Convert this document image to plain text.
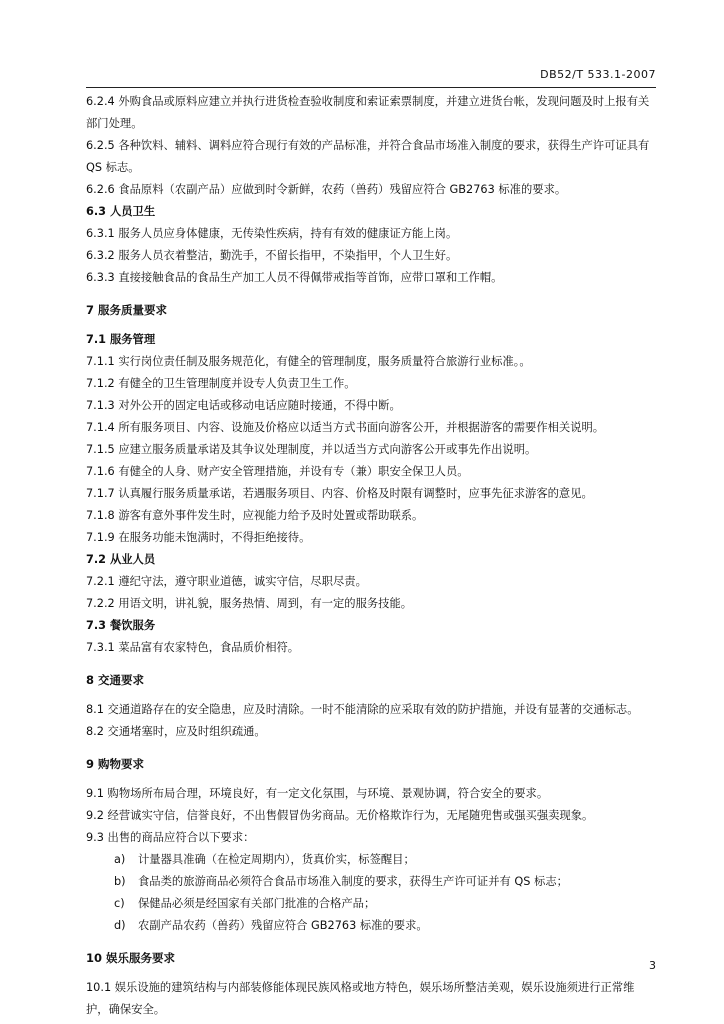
DB52/T 533.1-2007

6.2.4 外购食品或原料应建立并执行进货检查验收制度和索证索票制度，并建立进货台帐，发现问题及时上报有关部门处理。

6.2.5 各种饮料、辅料、调料应符合现行有效的产品标准，并符合食品市场准入制度的要求，获得生产许可证具有 QS 标志。

6.2.6 食品原料（农副产品）应做到时令新鲜，农药（兽药）残留应符合 GB2763 标准的要求。

6.3 人员卫生

6.3.1 服务人员应身体健康，无传染性疾病，持有有效的健康证方能上岗。

6.3.2 服务人员衣着整洁，勤洗手，不留长指甲，不染指甲，个人卫生好。

6.3.3 直接接触食品的食品生产加工人员不得佩带戒指等首饰，应带口罩和工作帽。

7 服务质量要求

7.1 服务管理

7.1.1 实行岗位责任制及服务规范化，有健全的管理制度，服务质量符合旅游行业标准。。

7.1.2 有健全的卫生管理制度并设专人负责卫生工作。

7.1.3 对外公开的固定电话或移动电话应随时接通，不得中断。

7.1.4 所有服务项目、内容、设施及价格应以适当方式书面向游客公开，并根据游客的需要作相关说明。

7.1.5 应建立服务质量承诺及其争议处理制度，并以适当方式向游客公开或事先作出说明。

7.1.6 有健全的人身、财产安全管理措施，并设有专（兼）职安全保卫人员。

7.1.7 认真履行服务质量承诺，若遇服务项目、内容、价格及时限有调整时，应事先征求游客的意见。

7.1.8 游客有意外事件发生时，应视能力给予及时处置或帮助联系。

7.1.9 在服务功能未饱满时，不得拒绝接待。

7.2 从业人员

7.2.1 遵纪守法，遵守职业道德，诚实守信，尽职尽责。

7.2.2 用语文明，讲礼貌，服务热情、周到，有一定的服务技能。

7.3 餐饮服务

7.3.1 菜品富有农家特色，食品质价相符。

8 交通要求

8.1 交通道路存在的安全隐患，应及时清除。一时不能清除的应采取有效的防护措施，并设有显著的交通标志。

8.2 交通堵塞时，应及时组织疏通。

9 购物要求

9.1 购物场所布局合理，环境良好，有一定文化氛围，与环境、景观协调，符合安全的要求。

9.2 经营诚实守信，信誉良好，不出售假冒伪劣商品。无价格欺诈行为，无尾随兜售或强买强卖现象。

9.3 出售的商品应符合以下要求：

a)	计量器具准确（在检定周期内），货真价实，标签醒目；
b)	食品类的旅游商品必须符合食品市场准入制度的要求，获得生产许可证并有 QS 标志；
c)	保健品必须是经国家有关部门批准的合格产品；
d)	农副产品农药（兽药）残留应符合 GB2763 标准的要求。

10 娱乐服务要求

10.1 娱乐设施的建筑结构与内部装修能体现民族风格或地方特色，娱乐场所整洁美观，娱乐设施须进行正常维护，确保安全。

3
